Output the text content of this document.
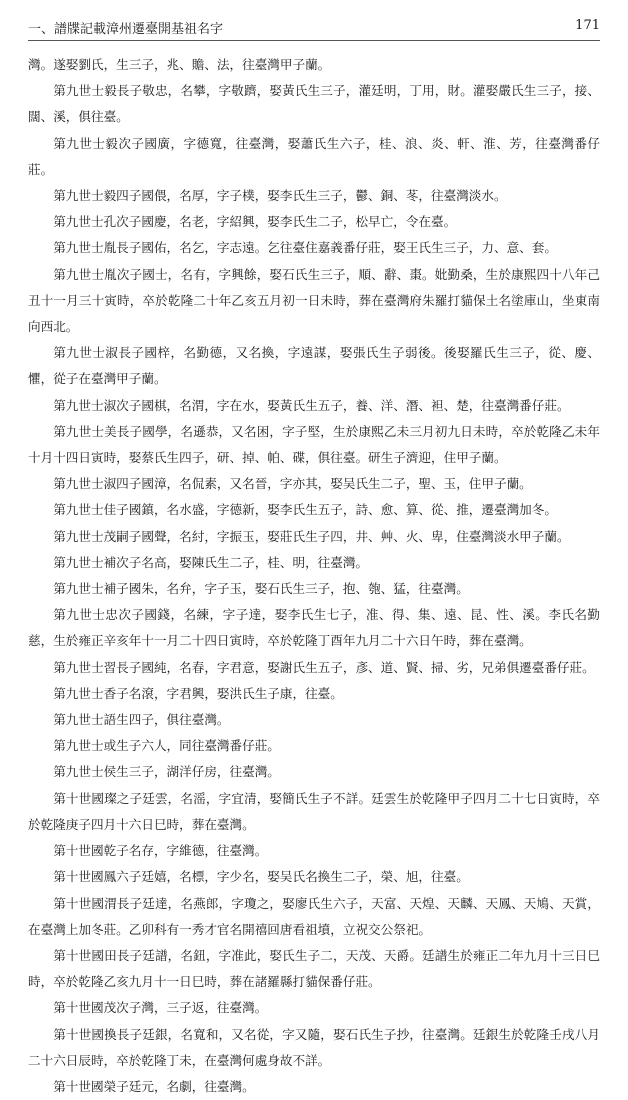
一、譜牒記載漳州遷臺開基祖名字	171

灣。遂娶劉氏，生三子，兆、贍、法，往臺灣甲子蘭。

第九世士毅長子敬忠，名攀，字敬躋，娶黃氏生三子，灌廷明，丁用，財。灌娶嚴氏生三子，接、闊、溪，俱往臺。

第九世士毅次子國廣，字德寬，往臺灣，娶蕭氏生六子，桂、浪、炎、軒、淮、芳，往臺灣番仔莊。

第九世士毅四子國偎，名厚，字子樸，娶李氏生三子，鬱、銅、苳，往臺灣淡水。

第九世士孔次子國慶，名老，字紹興，娶李氏生二子，松早亡，令在臺。

第九世士胤長子國佑，名乞，字志遠。乞往臺住嘉義番仔莊，娶王氏生三子，力、意、套。

第九世士胤次子國士，名有，字興餘，娶石氏生三子，順、辭、棗。妣勤桑，生於康熙四十八年己丑十一月三十寅時，卒於乾隆二十年乙亥五月初一日未時，葬在臺灣府朱羅打貓保土名塗庫山，坐東南向西北。

第九世士淑長子國梓，名勤德，又名換，字遠謀，娶張氏生子弱後。後娶羅氏生三子，從、慶、懼，從子在臺灣甲子蘭。

第九世士淑次子國棋，名渭，字在水，娶黃氏生五子，養、洋、潛、袒、楚，往臺灣番仔莊。

第九世士美長子國學，名遜恭，又名困，字子堅，生於康熙乙未三月初九日未時，卒於乾隆乙未年十月十四日寅時，娶蔡氏生四子，研、掉、帕、碟，俱往臺。研生子濟迎，住甲子蘭。

第九世士淑四子國漳，名侃素，又名晉，字亦其，娶吴氏生二子，聖、玉，住甲子蘭。

第九世士佳子國鎮，名水盛，字德新，娶李氏生五子，詩、愈、算、從、推，遷臺灣加冬。

第九世士茂嗣子國聲，名紂，字振玉，娶莊氏生子四，井、艸、火、卑，住臺灣淡水甲子蘭。

第九世士補次子名高，娶陳氏生二子，桂、明，往臺灣。

第九世士補子國朱，名弁，字子玉，娶石氏生三子，抱、匏、猛，往臺灣。

第九世士忠次子國錢，名練，字子達，娶李氏生七子，准、得、集、遠、昆、性、溪。李氏名勤慈，生於雍正辛亥年十一月二十四日寅時，卒於乾隆丁酉年九月二十六日午時，葬在臺灣。

第九世士習長子國純，名春，字君意，娶謝氏生五子，彥、道、賢、掃、劣，兄弟俱遷臺番仔莊。

第九世士香子名滾，字君興，娶洪氏生子康，往臺。

第九世士語生四子，俱往臺灣。

第九世士或生子六人，同往臺灣番仔莊。

第九世士侯生三子，湖洋仔房，往臺灣。

第十世國璨之子廷雲，名滛，字宜清，娶簡氏生子不詳。廷雲生於乾隆甲子四月二十七日寅時，卒於乾隆庚子四月十六日巳時，葬在臺灣。

第十世國乾子名存，字維德，往臺灣。

第十世國鳳六子廷嬉，名標，字少名，娶吴氏名換生二子，榮、旭，往臺。

第十世國渭長子廷達，名燕郎，字瓊之，娶廖氏生六子，天富、天煌、天麟、天鳳、天鳩、天賞，在臺灣上加冬莊。乙卯科有一秀才官名開禧回唐看祖墳，立祝交公祭祀。

第十世國田長子廷譜，名鈕，字准此，娶氏生子二，天茂、天爵。廷譜生於雍正二年九月十三日巳時，卒於乾隆乙亥九月十一日巳時，葬在諸羅縣打貓保番仔莊。

第十世國茂次子灣，三子返，往臺灣。

第十世國換長子廷銀，名寬和，又名從，字又隨，娶石氏生子抄，往臺灣。廷銀生於乾隆壬戌八月二十六日辰時，卒於乾隆丁未，在臺灣何處身故不詳。

第十世國榮子廷元，名劇，往臺灣。
